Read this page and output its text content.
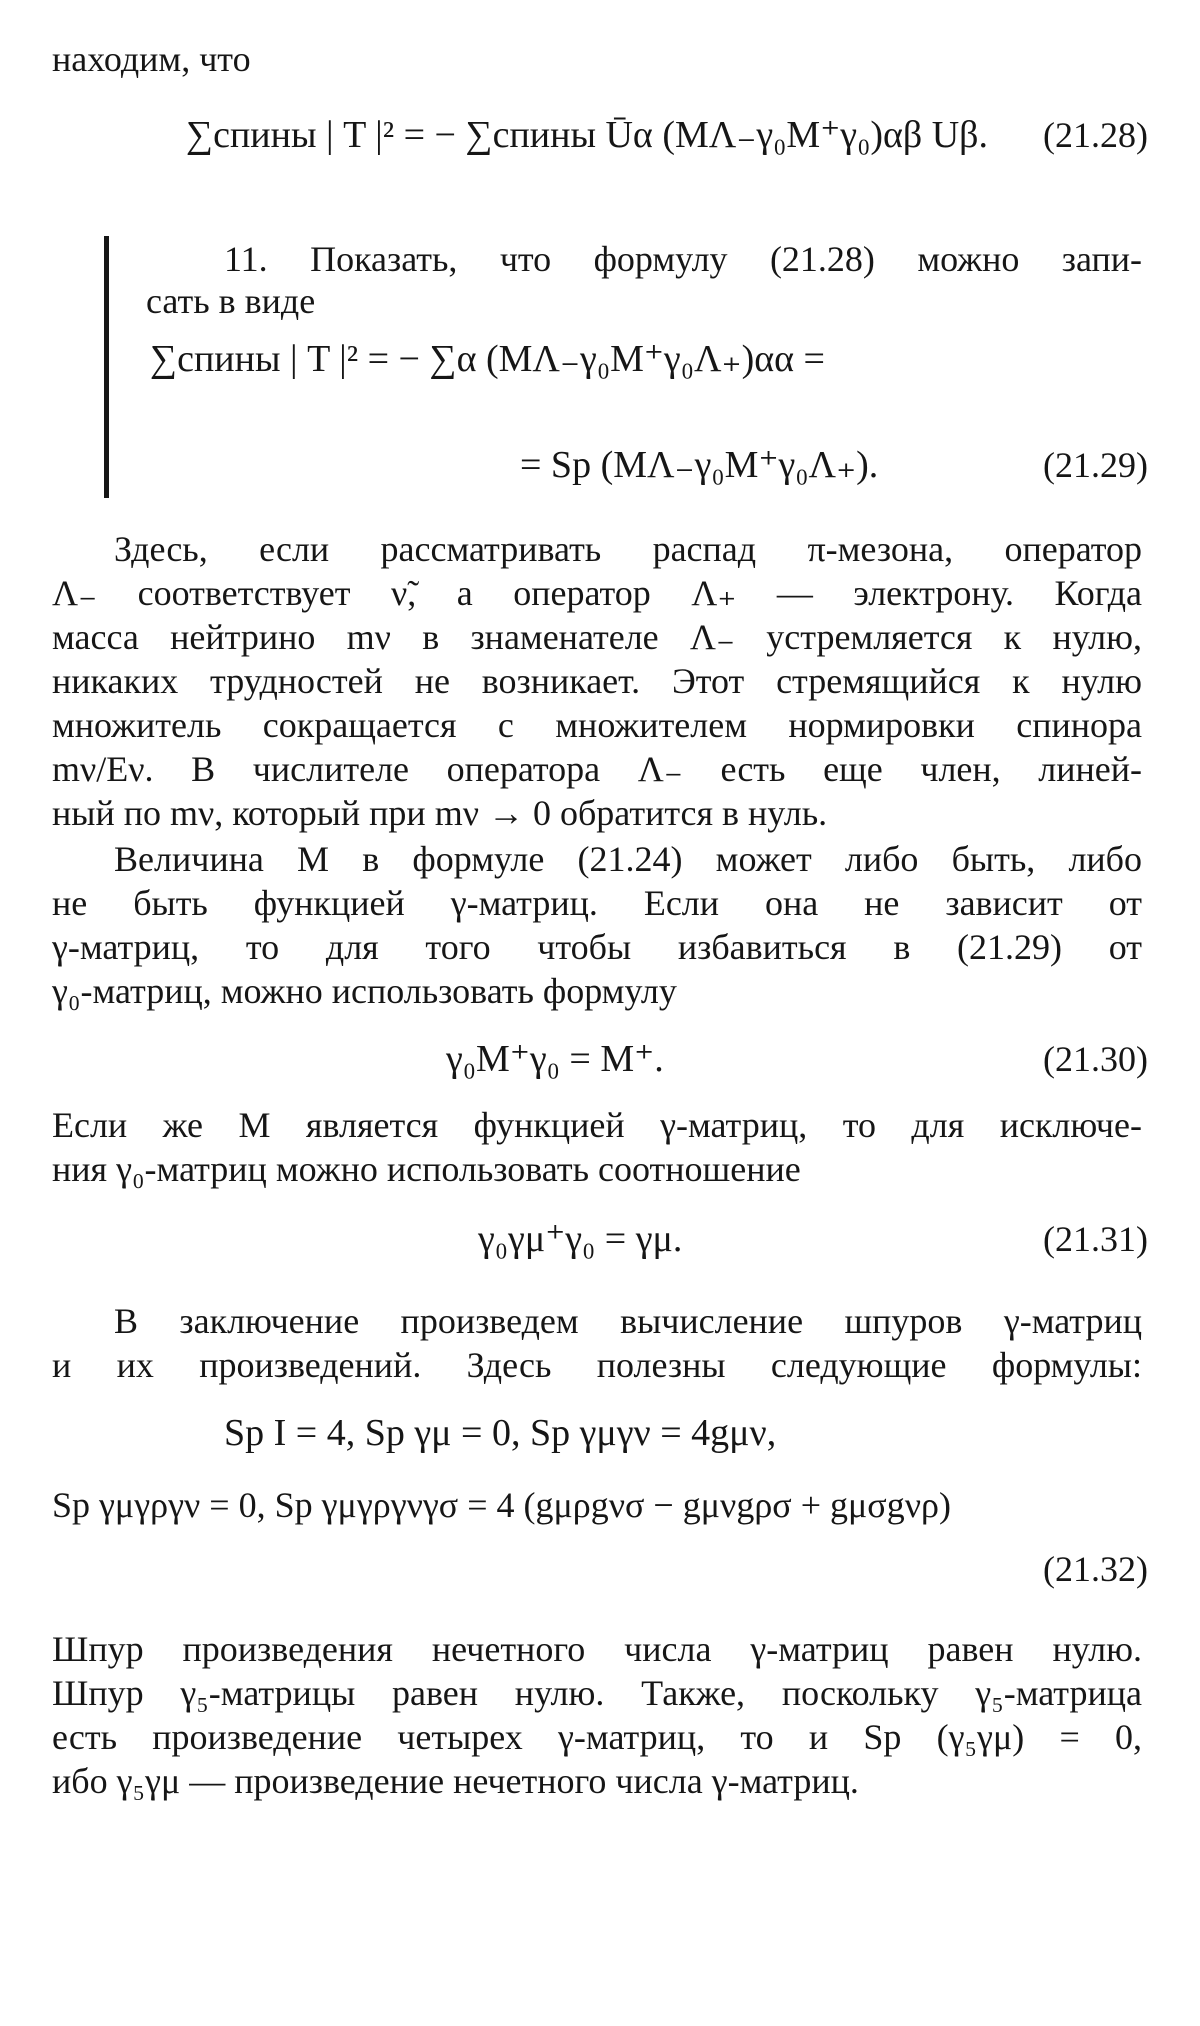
находим, что
∑спины | T |² = − ∑спины Ūα (MΛ₋γ₀M⁺γ₀)αβ Uβ. (21.28)
11. Показать, что формулу (21.28) можно запи-
сать в виде
∑спины | T |² = − ∑α (MΛ₋γ₀M⁺γ₀Λ₊)αα =
= Sp (MΛ₋γ₀M⁺γ₀Λ₊).	(21.29)
Здесь, если рассматривать распад π-мезона, оператор
Λ₋ соответствует ν̃, а оператор Λ₊ — электрону. Когда
масса нейтрино mν в знаменателе Λ₋ устремляется к нулю,
никаких трудностей не возникает. Этот стремящийся к нулю
множитель сокращается с множителем нормировки спинора
mν/Eν. В числителе оператора Λ₋ есть еще член, линей-
ный по mν, который при mν → 0 обратится в нуль.
Величина M в формуле (21.24) может либо быть, либо
не быть функцией γ-матриц. Если она не зависит от
γ-матриц, то для того чтобы избавиться в (21.29) от
γ₀-матриц, можно использовать формулу
γ₀M⁺γ₀ = M⁺.	(21.30)
Если же M является функцией γ-матриц, то для исключе-
ния γ₀-матриц можно использовать соотношение
γ₀γμ⁺γ₀ = γμ.	(21.31)
В заключение произведем вычисление шпуров γ-матриц
и их произведений. Здесь полезны следующие формулы:
Sp I = 4, Sp γμ = 0, Sp γμγν = 4gμν,
Sp γμγργν = 0, Sp γμγργνγσ = 4 (gμρgνσ − gμνgρσ + gμσgνρ)
(21.32)
Шпур произведения нечетного числа γ-матриц равен нулю.
Шпур γ₅-матрицы равен нулю. Также, поскольку γ₅-матрица
есть произведение четырех γ-матриц, то и Sp (γ₅γμ) = 0,
ибо γ₅γμ — произведение нечетного числа γ-матриц.
